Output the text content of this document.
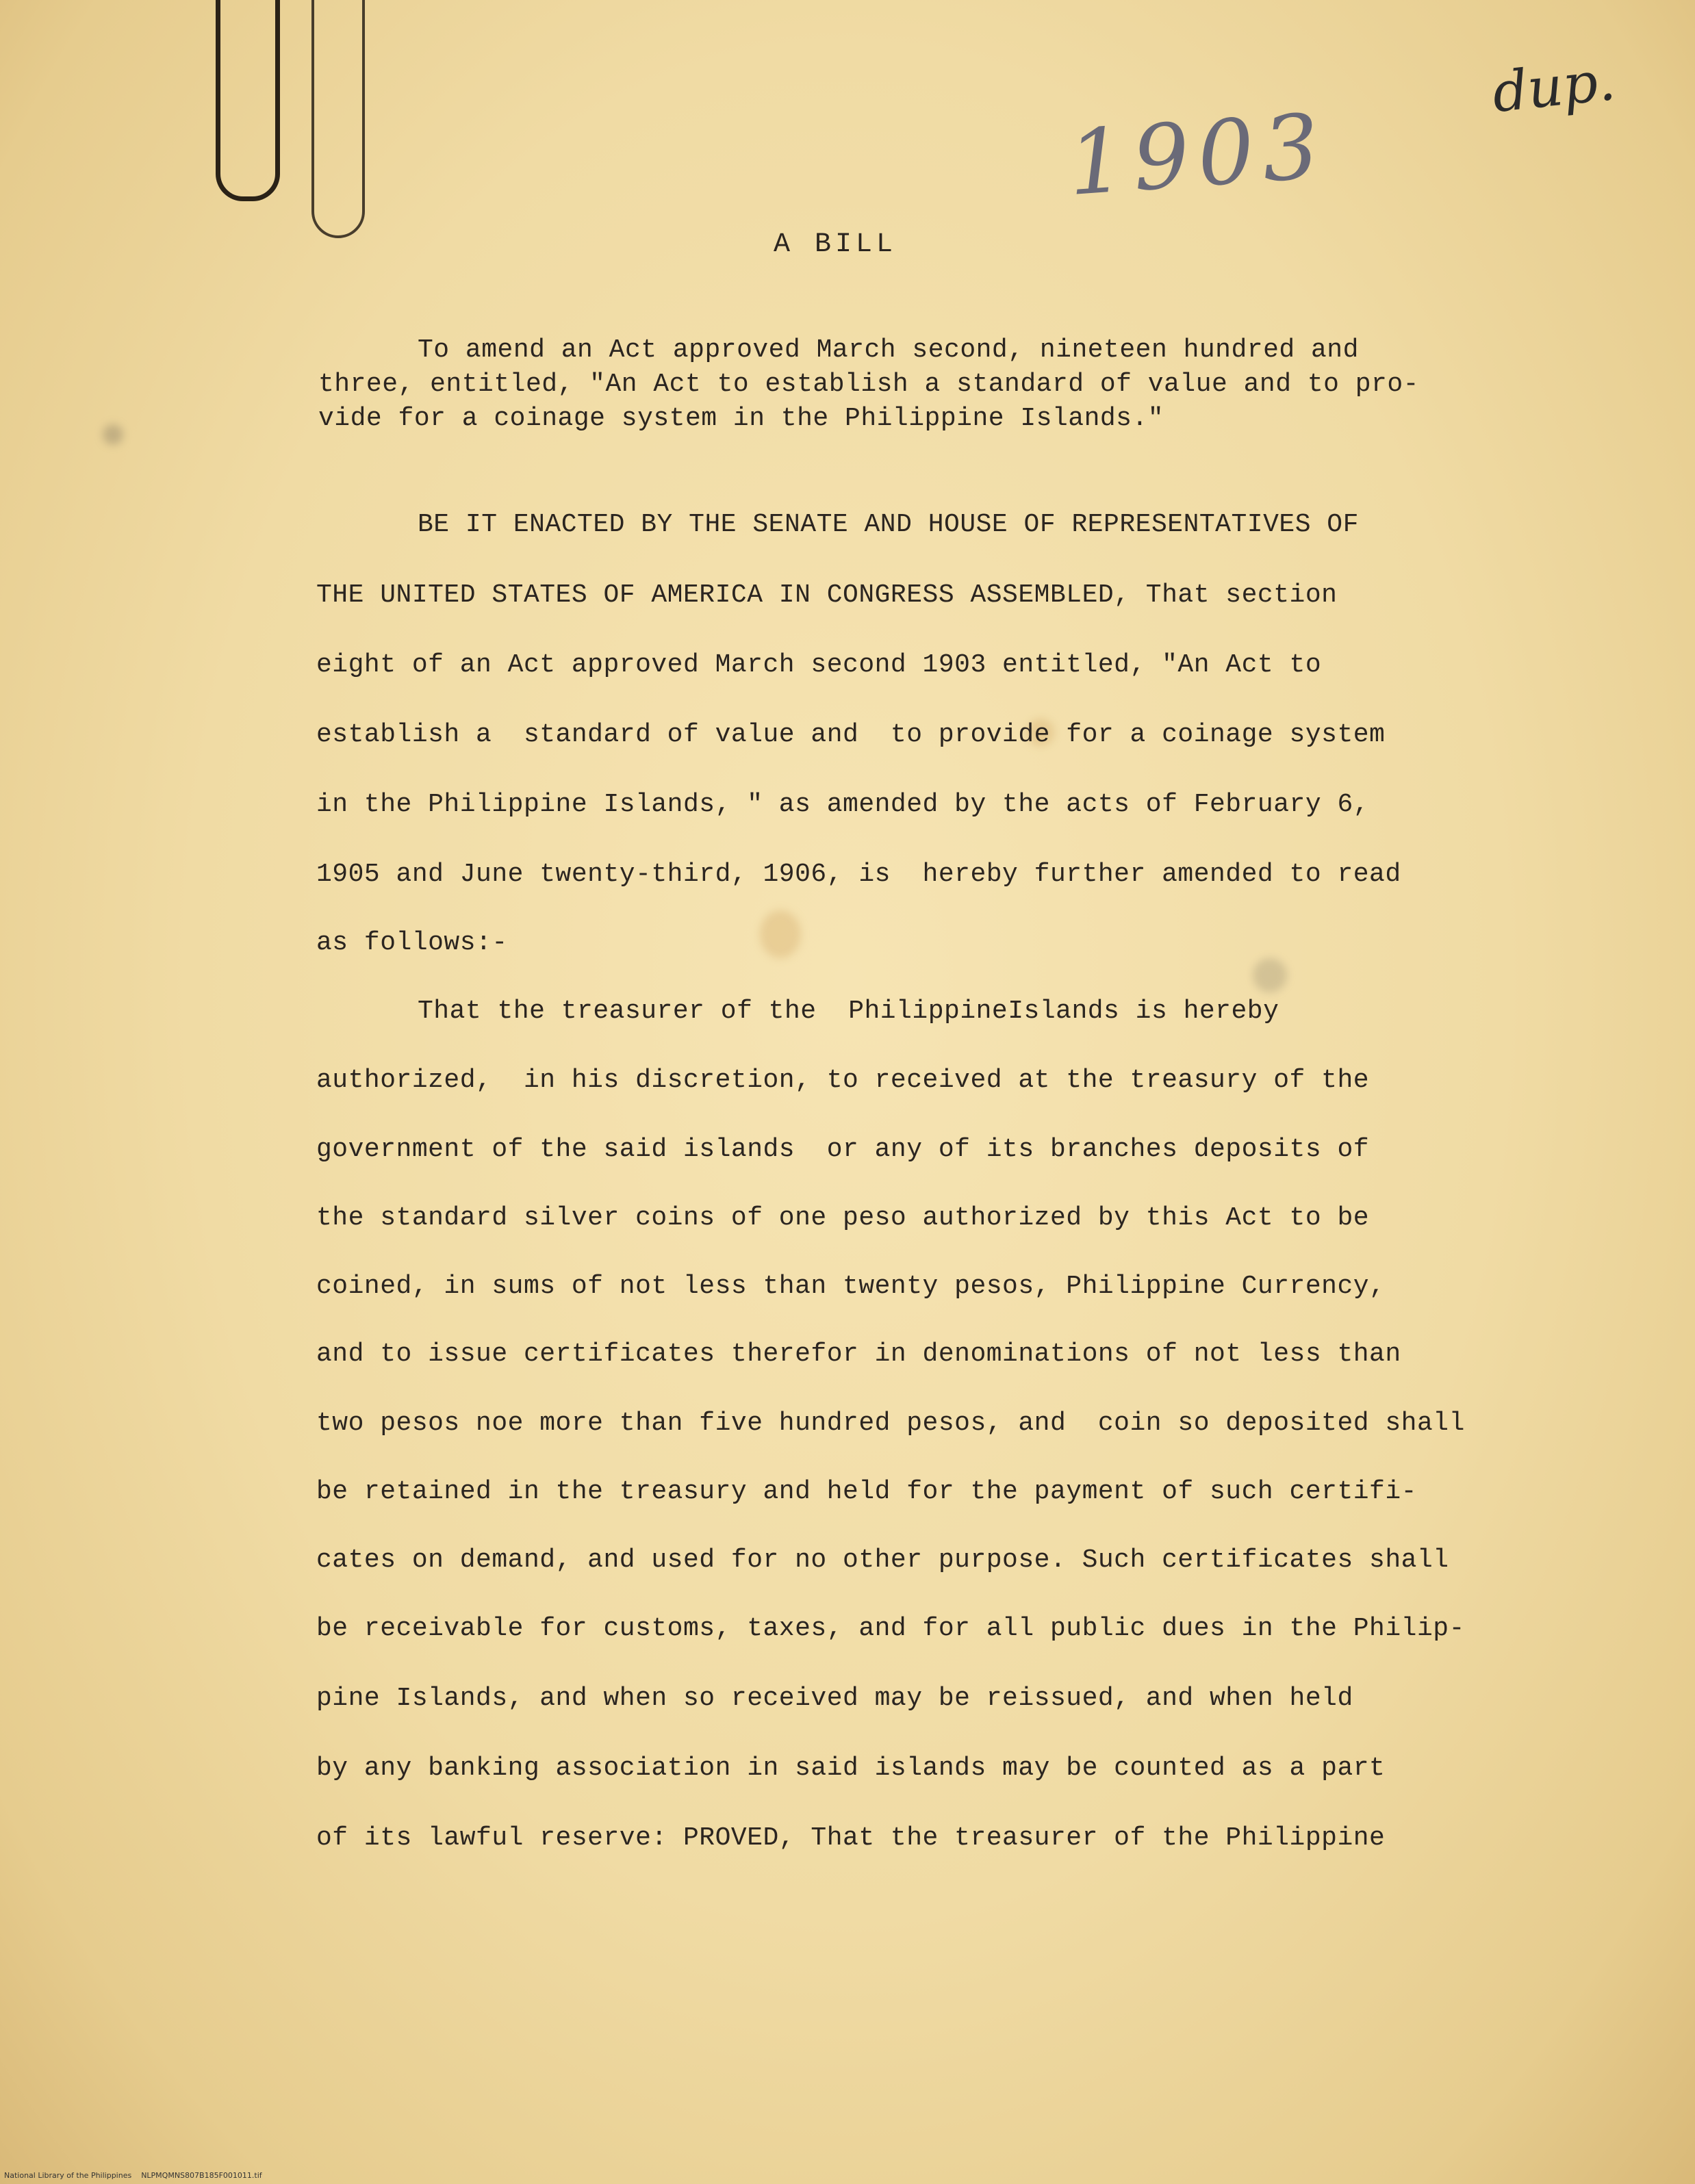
1903
dup.

A BILL

To amend an Act approved March second, nineteen hundred and

three, entitled, "An Act to establish a standard of value and to pro-

vide for a coinage system in the Philippine Islands."

BE IT ENACTED BY THE SENATE AND HOUSE OF REPRESENTATIVES OF

THE UNITED STATES OF AMERICA IN CONGRESS ASSEMBLED, That section

eight of an Act approved March second 1903 entitled, "An Act to

establish a  standard of value and  to provide for a coinage system

in the Philippine Islands, " as amended by the acts of February 6,

1905 and June twenty-third, 1906, is  hereby further amended to read

as follows:-

That the treasurer of the  PhilippineIslands is hereby

authorized,  in his discretion, to received at the treasury of the

government of the said islands  or any of its branches deposits of

the standard silver coins of one peso authorized by this Act to be

coined, in sums of not less than twenty pesos, Philippine Currency,

and to issue certificates therefor in denominations of not less than

two pesos noe more than five hundred pesos, and  coin so deposited shall

be retained in the treasury and held for the payment of such certifi-

cates on demand, and used for no other purpose. Such certificates shall

be receivable for customs, taxes, and for all public dues in the Philip-

pine Islands, and when so received may be reissued, and when held

by any banking association in said islands may be counted as a part

of its lawful reserve: PROVED, That the treasurer of the Philippine

National Library of the Philippines    NLPMQMNS807B185F001011.tif
